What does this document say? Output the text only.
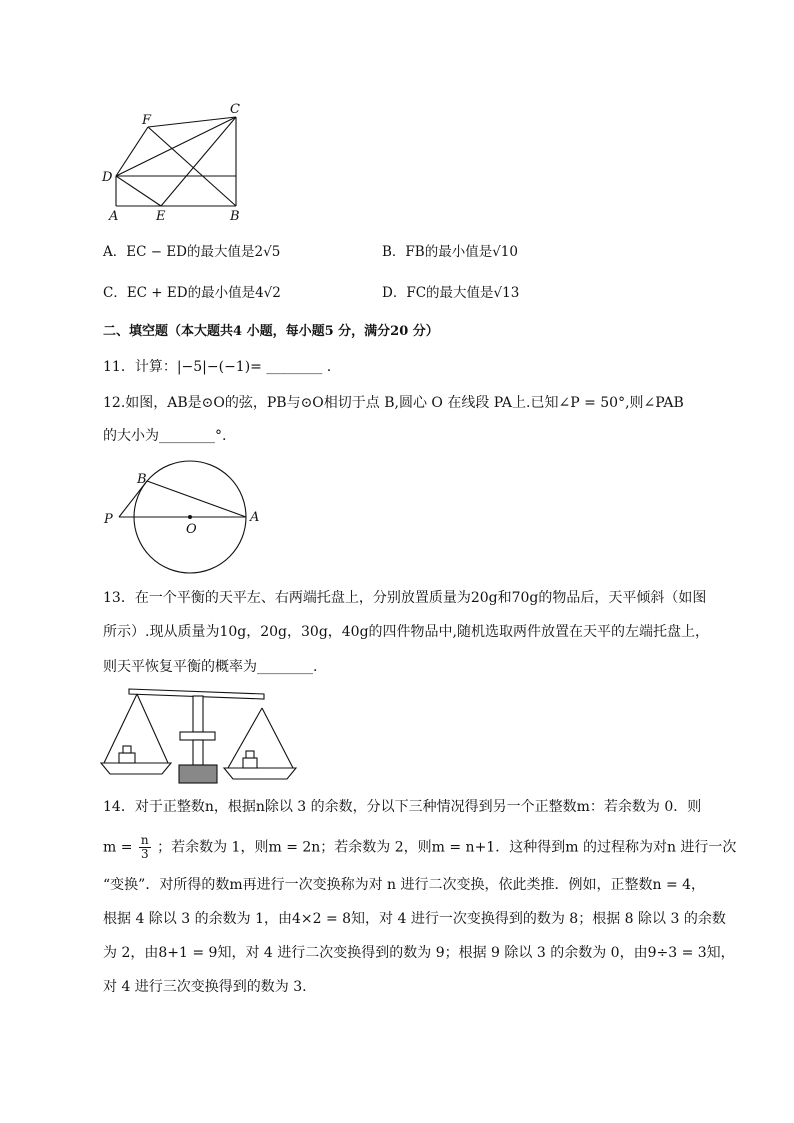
C
F
D
A	E	B
A．EC − ED的最大值是2√5	B．FB的最小值是√10
C．EC + ED的最小值是4√2	D．FC的最大值是√13
二、填空题（本大题共4 小题，每小题5 分，满分20 分）
11．计算：|−5|−(−1)= ________ .
12.如图，AB是⊙O的弦，PB与⊙O相切于点 B,圆心 O 在线段 PA上.已知∠P = 50°,则∠PAB
的大小为________°.
B
P
O
A
13．在一个平衡的天平左、右两端托盘上，分别放置质量为20g和70g的物品后，天平倾斜（如图
所示）.现从质量为10g，20g，30g，40g的四件物品中,随机选取两件放置在天平的左端托盘上，
则天平恢复平衡的概率为________.
14．对于正整数n，根据n除以 3 的余数，分以下三种情况得到另一个正整数m：若余数为 0．则
$m = \frac{n}{3}$ ；若余数为 1，则m = 2n；若余数为 2，则m = n+1．这种得到m 的过程称为对n 进行一次
“变换”．对所得的数m再进行一次变换称为对 n 进行二次变换，依此类推．例如，正整数n = 4，
根据 4 除以 3 的余数为 1，由4×2 = 8知，对 4 进行一次变换得到的数为 8；根据 8 除以 3 的余数
为 2，由8+1 = 9知，对 4 进行二次变换得到的数为 9；根据 9 除以 3 的余数为 0，由9÷3 = 3知，
对 4 进行三次变换得到的数为 3.
